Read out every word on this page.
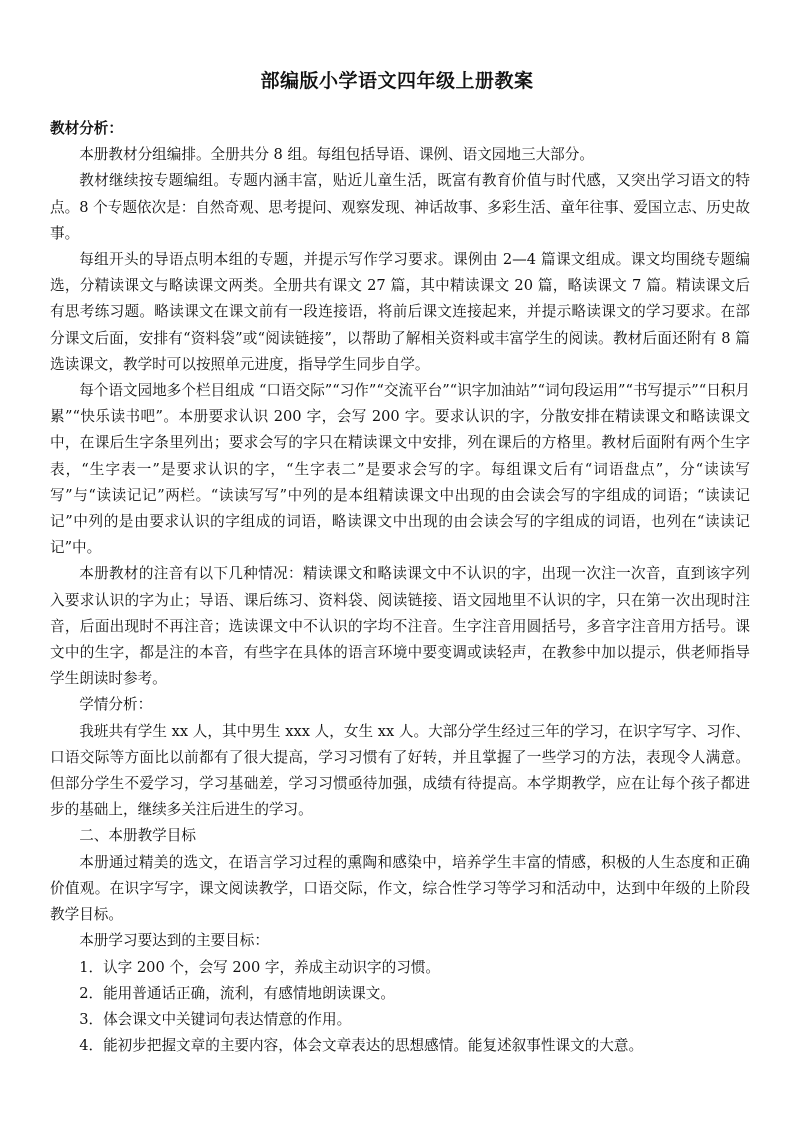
部编版小学语文四年级上册教案
教材分析：

本册教材分组编排。全册共分 8 组。每组包括导语、课例、语文园地三大部分。

教材继续按专题编组。专题内涵丰富，贴近儿童生活，既富有教育价值与时代感，又突出学习语文的特点。8 个专题依次是：自然奇观、思考提问、观察发现、神话故事、多彩生活、童年往事、爱国立志、历史故事。

每组开头的导语点明本组的专题，并提示写作学习要求。课例由 2—4 篇课文组成。课文均围绕专题编选，分精读课文与略读课文两类。全册共有课文 27 篇，其中精读课文 20 篇，略读课文 7 篇。精读课文后有思考练习题。略读课文在课文前有一段连接语，将前后课文连接起来，并提示略读课文的学习要求。在部分课文后面，安排有“资料袋”或“阅读链接”，以帮助了解相关资料或丰富学生的阅读。教材后面还附有 8 篇选读课文，教学时可以按照单元进度，指导学生同步自学。

每个语文园地多个栏目组成 “口语交际”“习作”“交流平台”“识字加油站”“词句段运用”“书写提示”“日积月累”“快乐读书吧”。本册要求认识 200 字，会写 200 字。要求认识的字，分散安排在精读课文和略读课文中，在课后生字条里列出；要求会写的字只在精读课文中安排，列在课后的方格里。教材后面附有两个生字表，“生字表一”是要求认识的字，“生字表二”是要求会写的字。每组课文后有“词语盘点”，分“读读写写”与“读读记记”两栏。“读读写写”中列的是本组精读课文中出现的由会读会写的字组成的词语；“读读记记”中列的是由要求认识的字组成的词语，略读课文中出现的由会读会写的字组成的词语，也列在“读读记记”中。

本册教材的注音有以下几种情况：精读课文和略读课文中不认识的字，出现一次注一次音，直到该字列入要求认识的字为止；导语、课后练习、资料袋、阅读链接、语文园地里不认识的字，只在第一次出现时注音，后面出现时不再注音；选读课文中不认识的字均不注音。生字注音用圆括号，多音字注音用方括号。课文中的生字，都是注的本音，有些字在具体的语言环境中要变调或读轻声，在教参中加以提示，供老师指导学生朗读时参考。

学情分析：

我班共有学生 xx 人，其中男生 xxx 人，女生 xx 人。大部分学生经过三年的学习，在识字写字、习作、口语交际等方面比以前都有了很大提高，学习习惯有了好转，并且掌握了一些学习的方法，表现令人满意。但部分学生不爱学习，学习基础差，学习习惯亟待加强，成绩有待提高。本学期教学，应在让每个孩子都进步的基础上，继续多关注后进生的学习。

二、本册教学目标

本册通过精美的选文，在语言学习过程的熏陶和感染中，培养学生丰富的情感，积极的人生态度和正确价值观。在识字写字，课文阅读教学，口语交际，作文，综合性学习等学习和活动中，达到中年级的上阶段教学目标。

本册学习要达到的主要目标：

1．认字 200 个，会写 200 字，养成主动识字的习惯。

2．能用普通话正确，流利，有感情地朗读课文。

3．体会课文中关键词句表达情意的作用。

4．能初步把握文章的主要内容，体会文章表达的思想感情。能复述叙事性课文的大意。
